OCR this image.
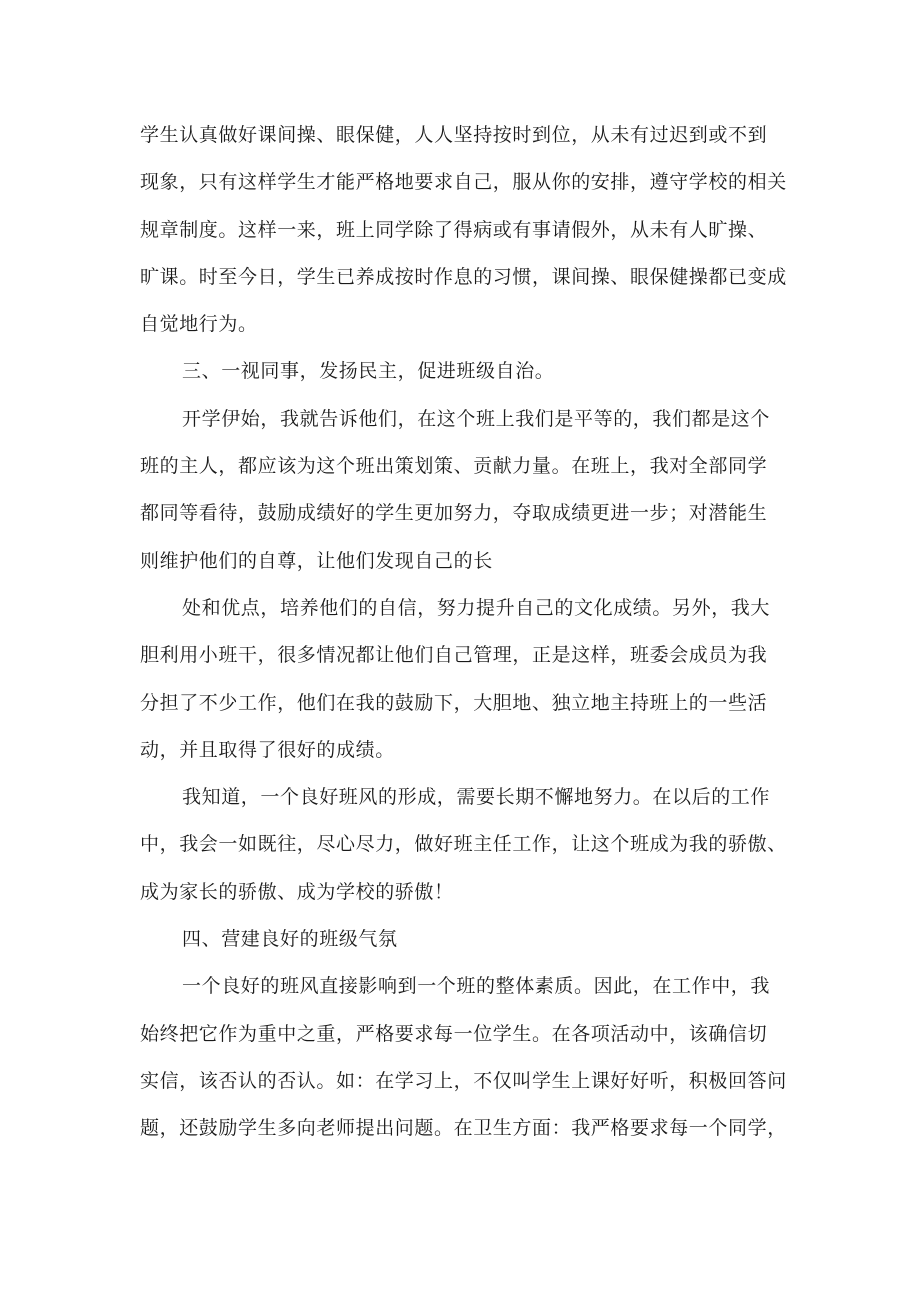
学生认真做好课间操、眼保健，人人坚持按时到位，从未有过迟到或不到
现象，只有这样学生才能严格地要求自己，服从你的安排，遵守学校的相关
规章制度。这样一来，班上同学除了得病或有事请假外，从未有人旷操、
旷课。时至今日，学生已养成按时作息的习惯，课间操、眼保健操都已变成
自觉地行为。
三、一视同事，发扬民主，促进班级自治。
开学伊始，我就告诉他们，在这个班上我们是平等的，我们都是这个
班的主人，都应该为这个班出策划策、贡献力量。在班上，我对全部同学
都同等看待，鼓励成绩好的学生更加努力，夺取成绩更进一步；对潜能生
则维护他们的自尊，让他们发现自己的长
处和优点，培养他们的自信，努力提升自己的文化成绩。另外，我大
胆利用小班干，很多情况都让他们自己管理，正是这样，班委会成员为我
分担了不少工作，他们在我的鼓励下，大胆地、独立地主持班上的一些活
动，并且取得了很好的成绩。
我知道，一个良好班风的形成，需要长期不懈地努力。在以后的工作
中，我会一如既往，尽心尽力，做好班主任工作，让这个班成为我的骄傲、
成为家长的骄傲、成为学校的骄傲！
四、营建良好的班级气氛
一个良好的班风直接影响到一个班的整体素质。因此，在工作中，我
始终把它作为重中之重，严格要求每一位学生。在各项活动中，该确信切
实信，该否认的否认。如：在学习上，不仅叫学生上课好好听，积极回答问
题，还鼓励学生多向老师提出问题。在卫生方面：我严格要求每一个同学，
